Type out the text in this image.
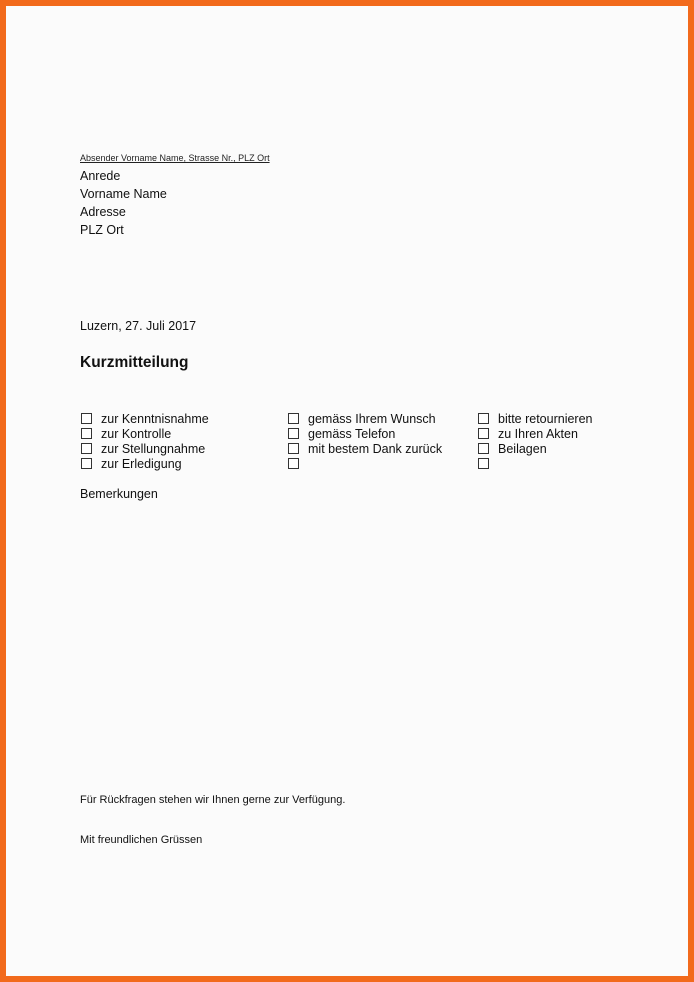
Absender Vorname Name, Strasse Nr., PLZ Ort
Anrede
Vorname Name
Adresse
PLZ Ort
Luzern, 27. Juli 2017
Kurzmitteilung
zur Kenntnisnahme
zur Kontrolle
zur Stellungnahme
zur Erledigung
gemäss Ihrem Wunsch
gemäss Telefon
mit bestem Dank zurück
bitte retournieren
zu Ihren Akten
Beilagen
Bemerkungen
Für Rückfragen stehen wir Ihnen gerne zur Verfügung.
Mit freundlichen Grüssen
